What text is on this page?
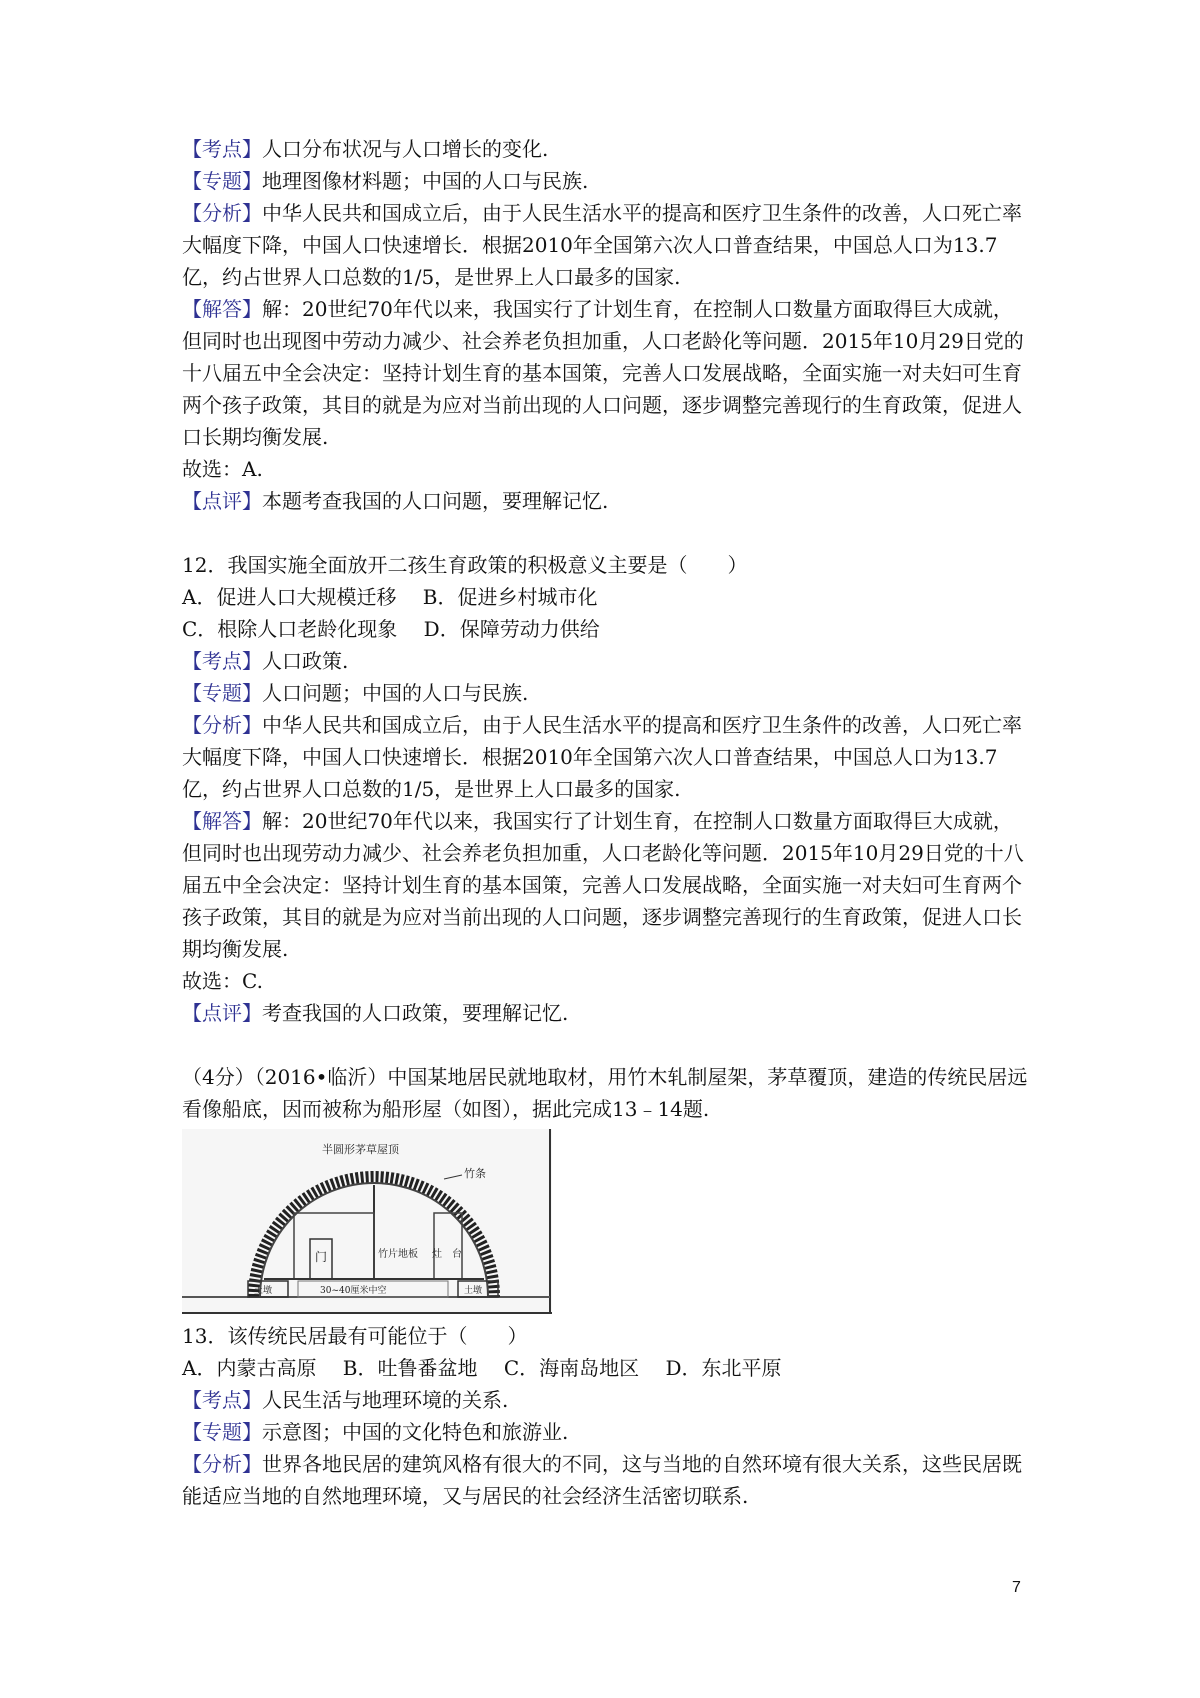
【考点】人口分布状况与人口增长的变化.

【专题】地理图像材料题；中国的人口与民族.

【分析】中华人民共和国成立后，由于人民生活水平的提高和医疗卫生条件的改善，人口死亡率大幅度下降，中国人口快速增长．根据2010年全国第六次人口普查结果，中国总人口为13.7亿，约占世界人口总数的1/5，是世界上人口最多的国家.

【解答】解：20世纪70年代以来，我国实行了计划生育，在控制人口数量方面取得巨大成就，但同时也出现图中劳动力减少、社会养老负担加重，人口老龄化等问题．2015年10月29日党的十八届五中全会决定：坚持计划生育的基本国策，完善人口发展战略，全面实施一对夫妇可生育两个孩子政策，其目的就是为应对当前出现的人口问题，逐步调整完善现行的生育政策，促进人口长期均衡发展.

故选：A.

【点评】本题考查我国的人口问题，要理解记忆.

12．我国实施全面放开二孩生育政策的积极意义主要是（　　）

A．促进人口大规模迁移　 B．促进乡村城市化

C．根除人口老龄化现象　 D．保障劳动力供给

【考点】人口政策.

【专题】人口问题；中国的人口与民族.

【分析】中华人民共和国成立后，由于人民生活水平的提高和医疗卫生条件的改善，人口死亡率大幅度下降，中国人口快速增长．根据2010年全国第六次人口普查结果，中国总人口为13.7亿，约占世界人口总数的1/5，是世界上人口最多的国家.

【解答】解：20世纪70年代以来，我国实行了计划生育，在控制人口数量方面取得巨大成就，但同时也出现劳动力减少、社会养老负担加重，人口老龄化等问题．2015年10月29日党的十八届五中全会决定：坚持计划生育的基本国策，完善人口发展战略，全面实施一对夫妇可生育两个孩子政策，其目的就是为应对当前出现的人口问题，逐步调整完善现行的生育政策，促进人口长期均衡发展.

故选：C.

【点评】考查我国的人口政策，要理解记忆.

（4分）（2016•临沂）中国某地居民就地取材，用竹木轧制屋架，茅草覆顶，建造的传统民居远看像船底，因而被称为船形屋（如图），据此完成13﹣14题.

半圆形茅草屋顶
竹条
门	竹片地板 灶　台
30~40厘米中空
土墩	土墩

13．该传统民居最有可能位于（　　）

A．内蒙古高原　 B．吐鲁番盆地　 C．海南岛地区　 D．东北平原

【考点】人民生活与地理环境的关系.

【专题】示意图；中国的文化特色和旅游业.

【分析】世界各地民居的建筑风格有很大的不同，这与当地的自然环境有很大关系，这些民居既能适应当地的自然地理环境，又与居民的社会经济生活密切联系.

7
